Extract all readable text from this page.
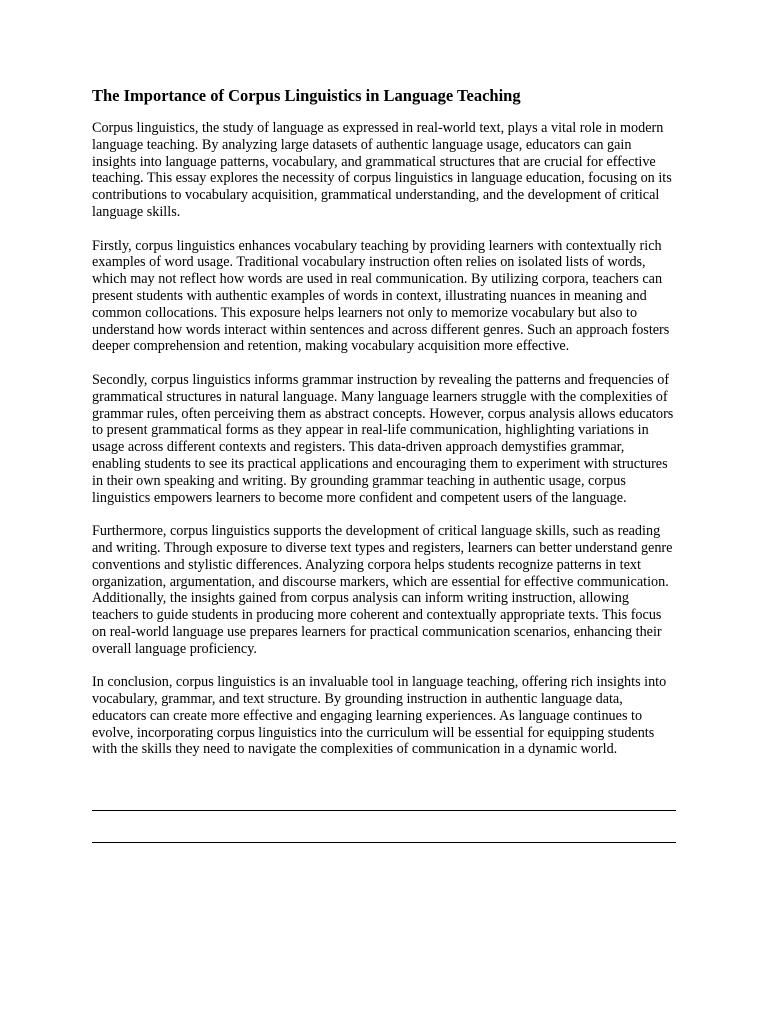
The Importance of Corpus Linguistics in Language Teaching

Corpus linguistics, the study of language as expressed in real-world text, plays a vital role in modern language teaching. By analyzing large datasets of authentic language usage, educators can gain insights into language patterns, vocabulary, and grammatical structures that are crucial for effective teaching. This essay explores the necessity of corpus linguistics in language education, focusing on its contributions to vocabulary acquisition, grammatical understanding, and the development of critical language skills.

Firstly, corpus linguistics enhances vocabulary teaching by providing learners with contextually rich examples of word usage. Traditional vocabulary instruction often relies on isolated lists of words, which may not reflect how words are used in real communication. By utilizing corpora, teachers can present students with authentic examples of words in context, illustrating nuances in meaning and common collocations. This exposure helps learners not only to memorize vocabulary but also to understand how words interact within sentences and across different genres. Such an approach fosters deeper comprehension and retention, making vocabulary acquisition more effective.

Secondly, corpus linguistics informs grammar instruction by revealing the patterns and frequencies of grammatical structures in natural language. Many language learners struggle with the complexities of grammar rules, often perceiving them as abstract concepts. However, corpus analysis allows educators to present grammatical forms as they appear in real-life communication, highlighting variations in usage across different contexts and registers. This data-driven approach demystifies grammar, enabling students to see its practical applications and encouraging them to experiment with structures in their own speaking and writing. By grounding grammar teaching in authentic usage, corpus linguistics empowers learners to become more confident and competent users of the language.

Furthermore, corpus linguistics supports the development of critical language skills, such as reading and writing. Through exposure to diverse text types and registers, learners can better understand genre conventions and stylistic differences. Analyzing corpora helps students recognize patterns in text organization, argumentation, and discourse markers, which are essential for effective communication. Additionally, the insights gained from corpus analysis can inform writing instruction, allowing teachers to guide students in producing more coherent and contextually appropriate texts. This focus on real-world language use prepares learners for practical communication scenarios, enhancing their overall language proficiency.

In conclusion, corpus linguistics is an invaluable tool in language teaching, offering rich insights into vocabulary, grammar, and text structure. By grounding instruction in authentic language data, educators can create more effective and engaging learning experiences. As language continues to evolve, incorporating corpus linguistics into the curriculum will be essential for equipping students with the skills they need to navigate the complexities of communication in a dynamic world.
